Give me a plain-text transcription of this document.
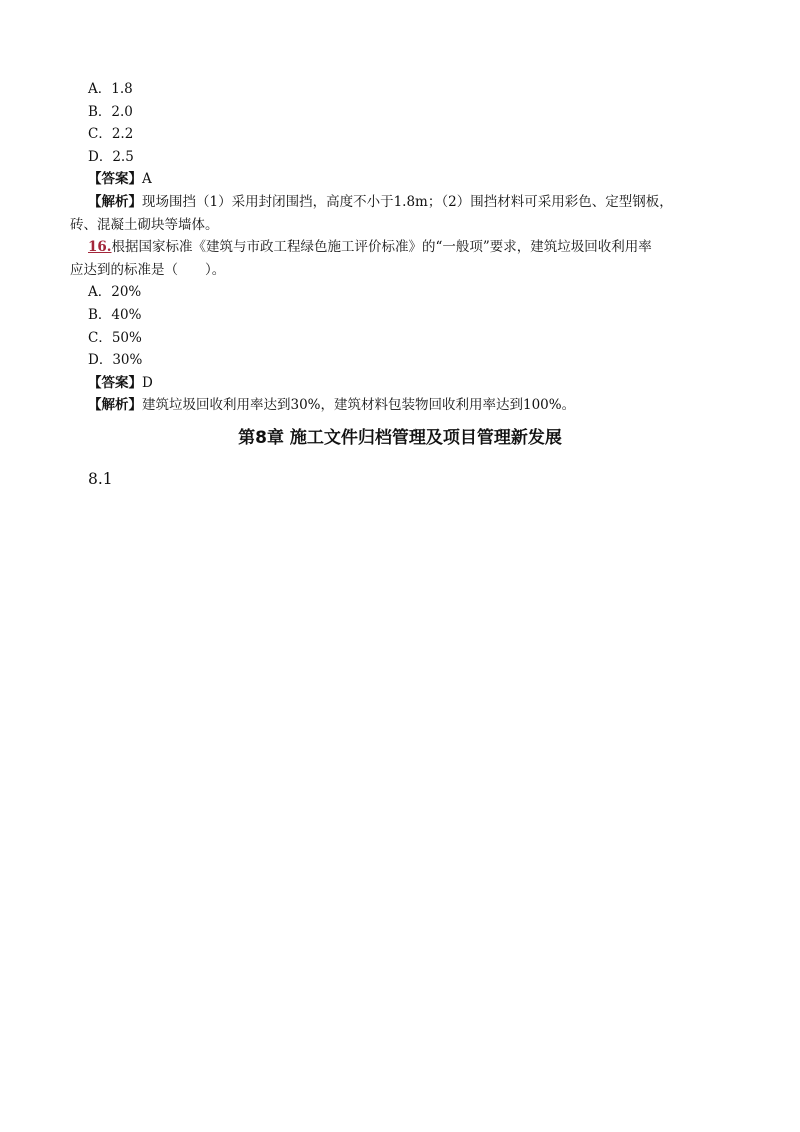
A．1.8
B．2.0
C．2.2
D．2.5
【答案】A
【解析】现场围挡（1）采用封闭围挡，高度不小于1.8m；（2）围挡材料可采用彩色、定型钢板，
砖、混凝土砌块等墙体。
16.根据国家标准《建筑与市政工程绿色施工评价标准》的“一般项”要求，建筑垃圾回收利用率
应达到的标准是（　　）。
A．20%
B．40%
C．50%
D．30%
【答案】D
【解析】建筑垃圾回收利用率达到30%，建筑材料包装物回收利用率达到100%。
第8章 施工文件归档管理及项目管理新发展
8.1
